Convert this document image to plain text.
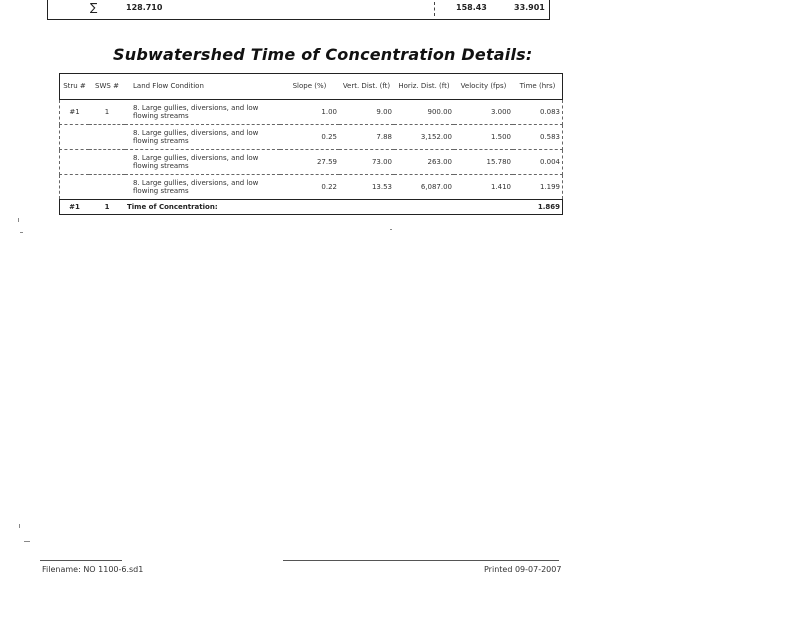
∑	128.710	158.43	33.901
Subwatershed Time of Concentration Details:
Stru #	SWS #	Land Flow Condition	Slope (%)	Vert. Dist. (ft)	Horiz. Dist. (ft)	Velocity (fps)	Time (hrs)
#1	1	8. Large gullies, diversions, and low flowing streams	1.00	9.00	900.00	3.000	0.083
		8. Large gullies, diversions, and low flowing streams	0.25	7.88	3,152.00	1.500	0.583
		8. Large gullies, diversions, and low flowing streams	27.59	73.00	263.00	15.780	0.004
		8. Large gullies, diversions, and low flowing streams	0.22	13.53	6,087.00	1.410	1.199
#1	1	Time of Concentration:					1.869
Filename: NO 1100-6.sd1	Printed 09-07-2007
